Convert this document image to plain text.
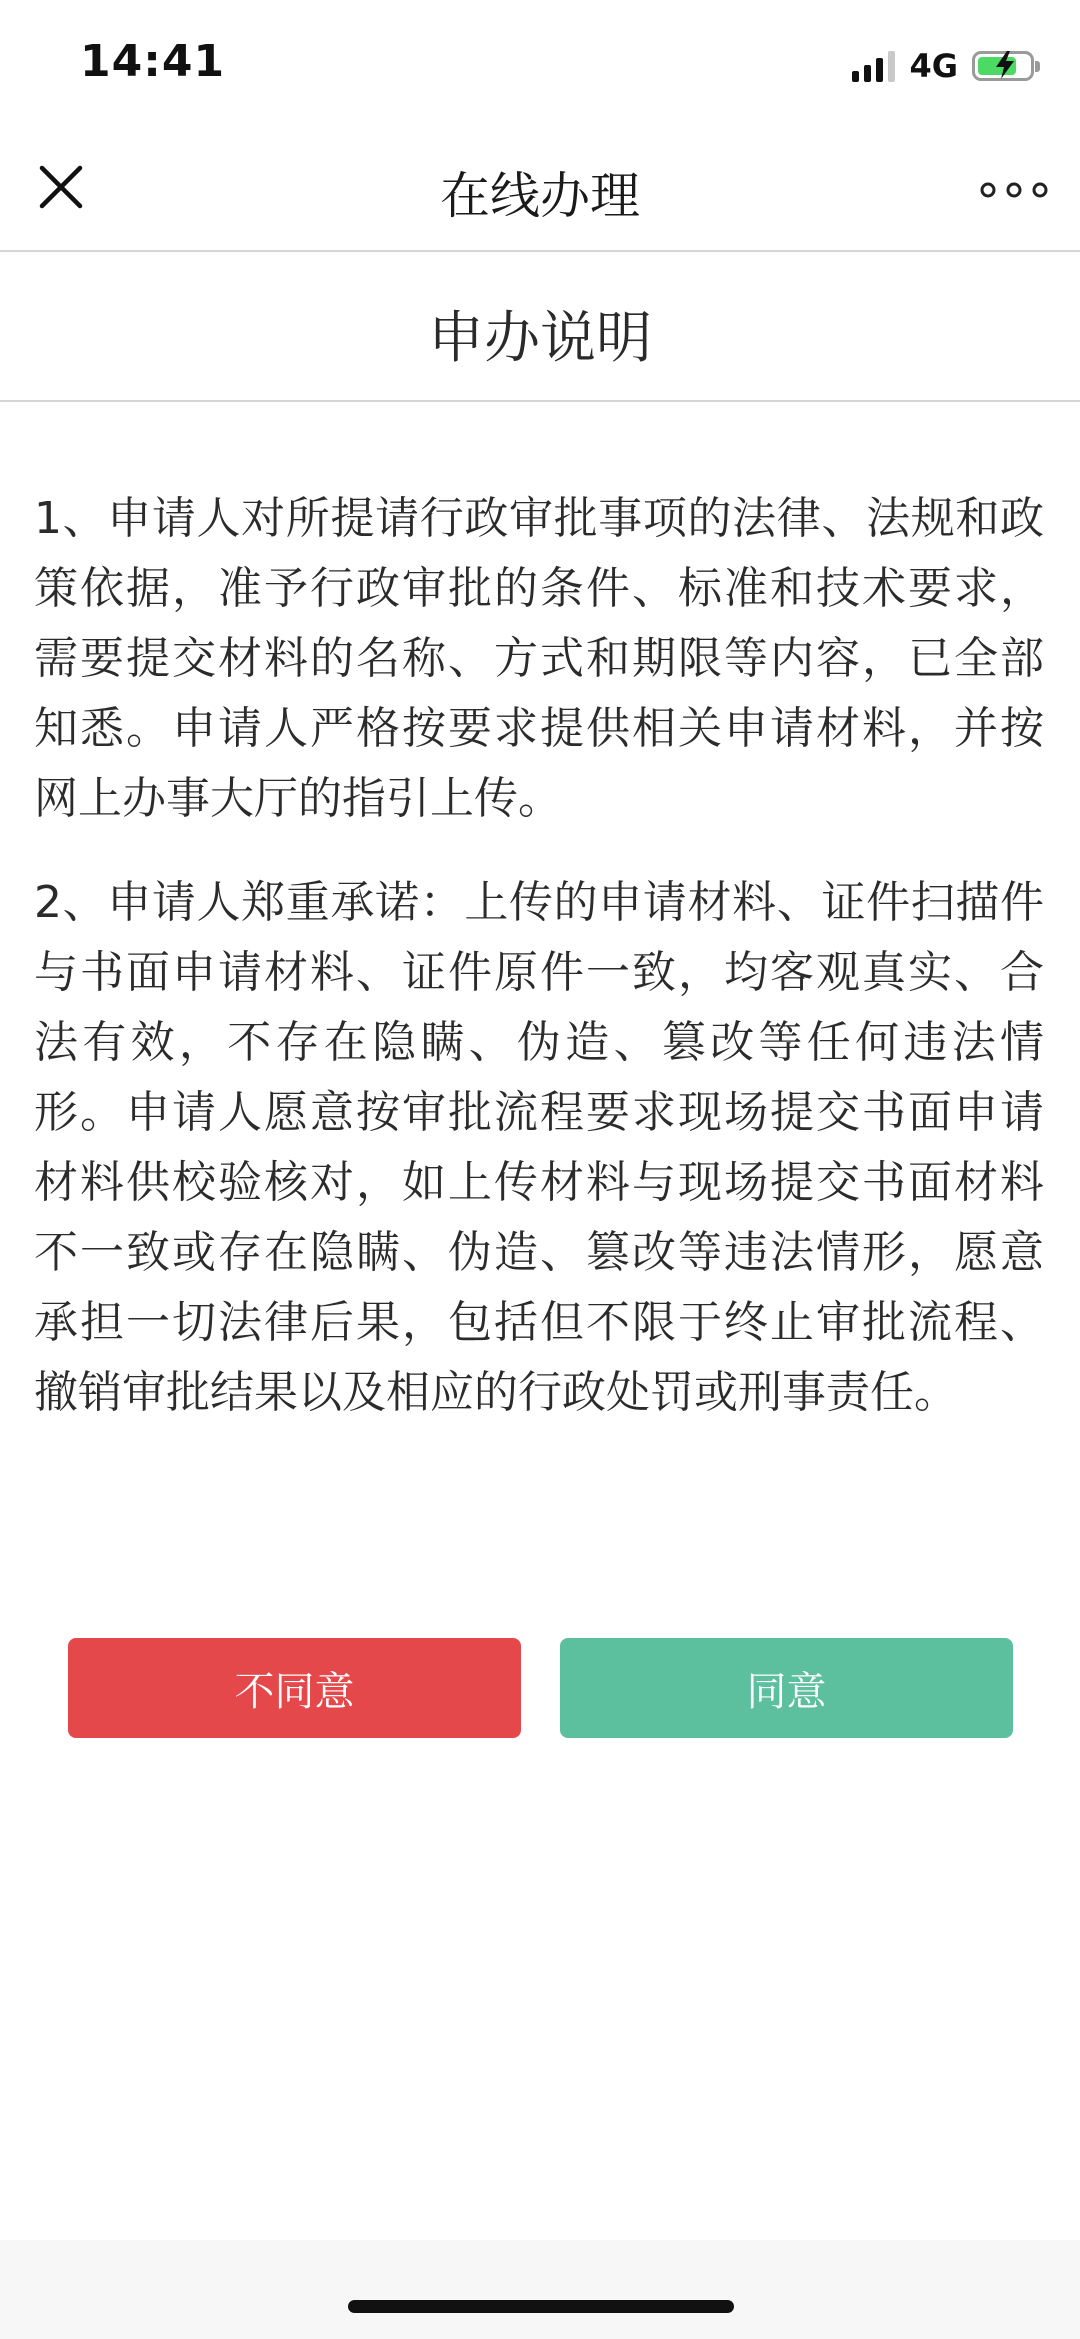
14:41	4G
在线办理
申办说明

1、申请人对所提请行政审批事项的法律、法规和政策依据，准予行政审批的条件、标准和技术要求，需要提交材料的名称、方式和期限等内容，已全部知悉。申请人严格按要求提供相关申请材料，并按网上办事大厅的指引上传。

2、申请人郑重承诺：上传的申请材料、证件扫描件与书面申请材料、证件原件一致，均客观真实、合法有效，不存在隐瞒、伪造、篡改等任何违法情形。申请人愿意按审批流程要求现场提交书面申请材料供校验核对，如上传材料与现场提交书面材料不一致或存在隐瞒、伪造、篡改等违法情形，愿意承担一切法律后果，包括但不限于终止审批流程、撤销审批结果以及相应的行政处罚或刑事责任。

不同意	同意
